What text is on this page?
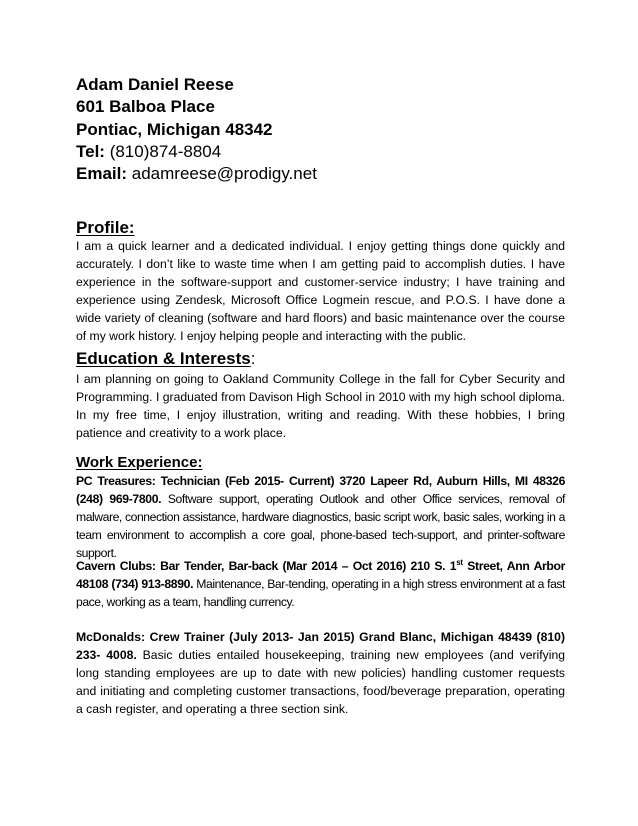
Adam Daniel Reese
601 Balboa Place
Pontiac, Michigan 48342
Tel: (810)874-8804
Email: adamreese@prodigy.net
Profile:

I am a quick learner and a dedicated individual. I enjoy getting things done quickly and accurately. I don’t like to waste time when I am getting paid to accomplish duties. I have experience in the software-support and customer-service industry; I have training and experience using Zendesk, Microsoft Office Logmein rescue, and P.O.S. I have done a wide variety of cleaning (software and hard floors) and basic maintenance over the course of my work history. I enjoy helping people and interacting with the public.

Education & Interests:

I am planning on going to Oakland Community College in the fall for Cyber Security and Programming. I graduated from Davison High School in 2010 with my high school diploma. In my free time, I enjoy illustration, writing and reading. With these hobbies, I bring patience and creativity to a work place.

Work Experience:

PC Treasures: Technician (Feb 2015- Current) 3720 Lapeer Rd, Auburn Hills, MI 48326 (248) 969-7800. Software support, operating Outlook and other Office services, removal of malware, connection assistance, hardware diagnostics, basic script work, basic sales, working in a team environment to accomplish a core goal, phone-based tech-support, and printer-software support.

Cavern Clubs: Bar Tender, Bar-back (Mar 2014 – Oct 2016) 210 S. 1st Street, Ann Arbor 48108 (734) 913-8890. Maintenance, Bar-tending, operating in a high stress environment at a fast pace, working as a team, handling currency.

McDonalds: Crew Trainer (July 2013- Jan 2015) Grand Blanc, Michigan 48439 (810) 233- 4008. Basic duties entailed housekeeping, training new employees (and verifying long standing employees are up to date with new policies) handling customer requests and initiating and completing customer transactions, food/beverage preparation, operating a cash register, and operating a three section sink.
